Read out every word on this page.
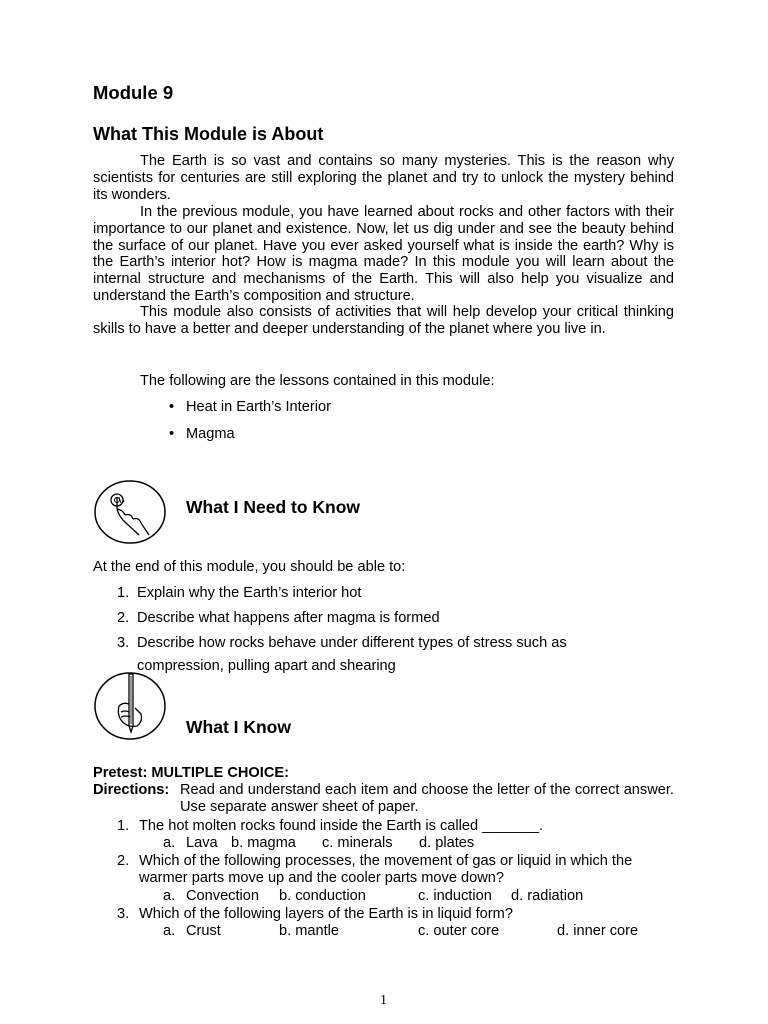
Module 9
What This Module is About

The Earth is so vast and contains so many mysteries. This is the reason why scientists for centuries are still exploring the planet and try to unlock the mystery behind its wonders.

In the previous module, you have learned about rocks and other factors with their importance to our planet and existence. Now, let us dig under and see the beauty behind the surface of our planet. Have you ever asked yourself what is inside the earth? Why is the Earth’s interior hot? How is magma made? In this module you will learn about the internal structure and mechanisms of the Earth. This will also help you visualize and understand the Earth’s composition and structure.

This module also consists of activities that will help develop your critical thinking skills to have a better and deeper understanding of the planet where you live in.

The following are the lessons contained in this module:
• Heat in Earth’s Interior
• Magma
What I Need to Know
At the end of this module, you should be able to:
1. Explain why the Earth’s interior hot
2. Describe what happens after magma is formed
3. Describe how rocks behave under different types of stress such as
compression, pulling apart and shearing
What I Know
Pretest: MULTIPLE CHOICE:
Directions: Read and understand each item and choose the letter of the correct answer. Use separate answer sheet of paper.
1. The hot molten rocks found inside the Earth is called _______.
a. Lava b. magma c. minerals d. plates
2. Which of the following processes, the movement of gas or liquid in which the
warmer parts move up and the cooler parts move down?
a. Convection b. conduction	c. induction d. radiation
3. Which of the following layers of the Earth is in liquid form?
a. Crust	b. mantle	c. outer core	d. inner core
1
